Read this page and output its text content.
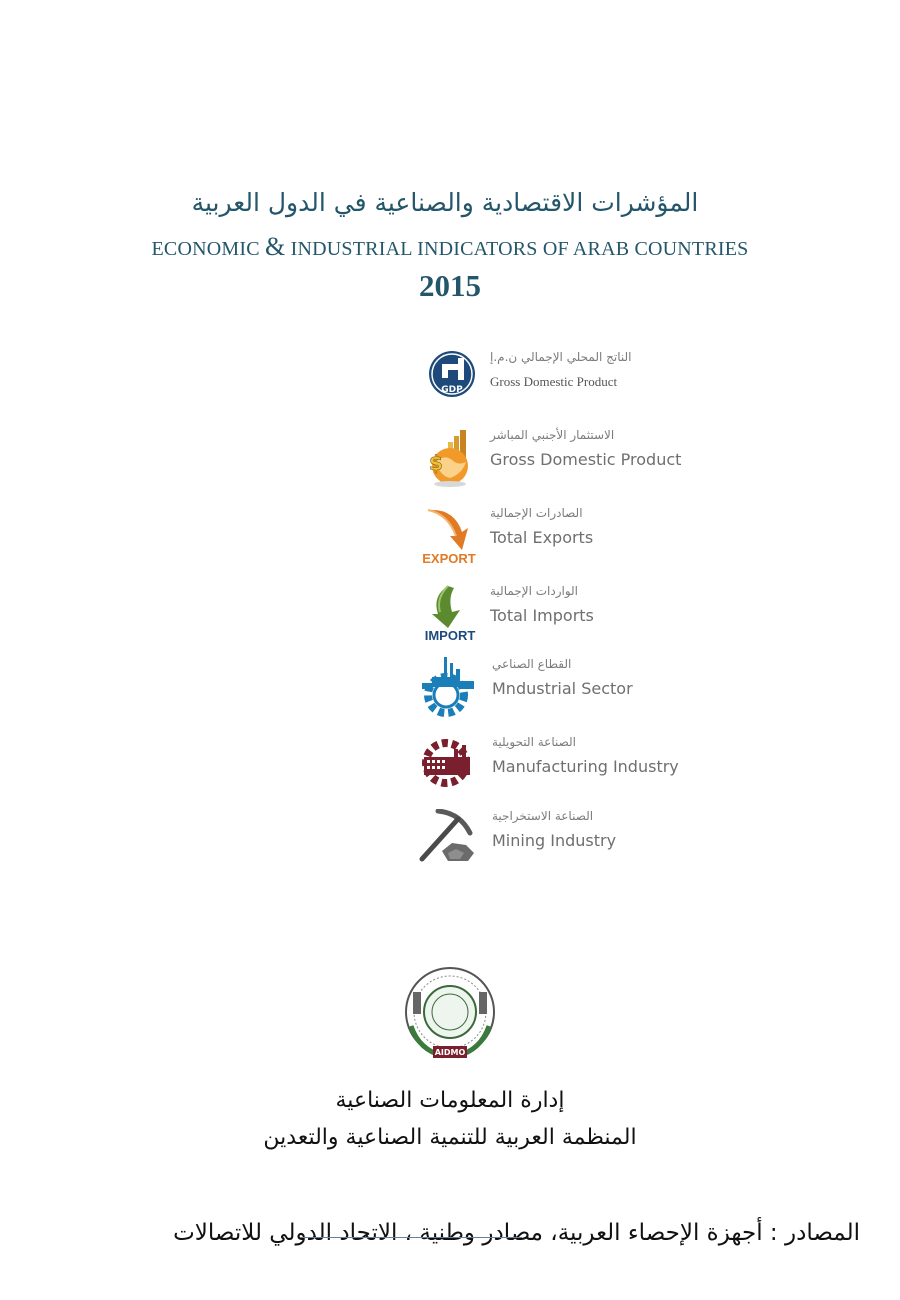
المؤشرات الاقتصادية والصناعية في الدول العربية
ECONOMIC & INDUSTRIAL INDICATORS OF ARAB COUNTRIES
2015
GDP
الناتج المحلي الإجمالي ن.م.إ
Gross Domestic Product
$
الاستثمار الأجنبي المباشر
Gross Domestic Product
EXPORT
الصادرات الإجمالية
Total Exports
IMPORT
الواردات الإجمالية
Total Imports
القطاع الصناعي
Mndustrial Sector
الصناعة التحويلية
Manufacturing Industry
الصناعة الاستخراجية
Mining Industry
AIDMO
إدارة المعلومات الصناعية
المنظمة العربية للتنمية الصناعية والتعدين
المصادر : أجهزة الإحصاء العربية، مصادر وطنية ، الاتحاد الدولي للاتصالات
